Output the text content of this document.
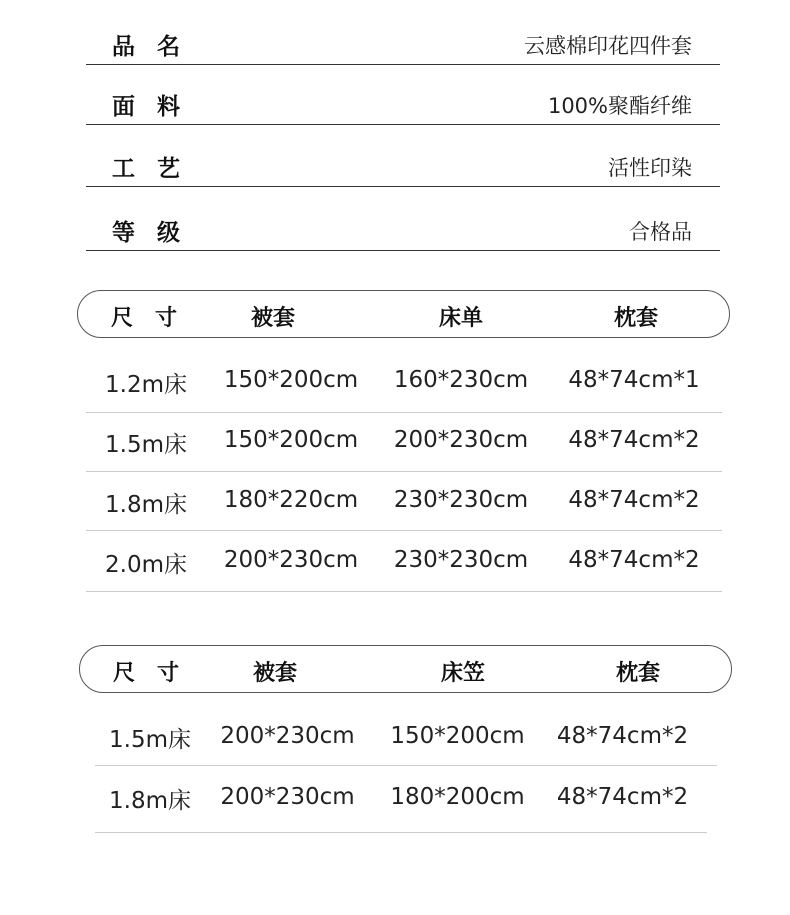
品名	云感棉印花四件套
面料	100%聚酯纤维
工艺	活性印染
等级	合格品
尺寸	被套	床单	枕套
1.2m床	150*200cm	160*230cm	48*74cm*1
1.5m床	150*200cm	200*230cm	48*74cm*2
1.8m床	180*220cm	230*230cm	48*74cm*2
2.0m床	200*230cm	230*230cm	48*74cm*2
尺寸	被套	床笠	枕套
1.5m床	200*230cm	150*200cm	48*74cm*2
1.8m床	200*230cm	180*200cm	48*74cm*2
